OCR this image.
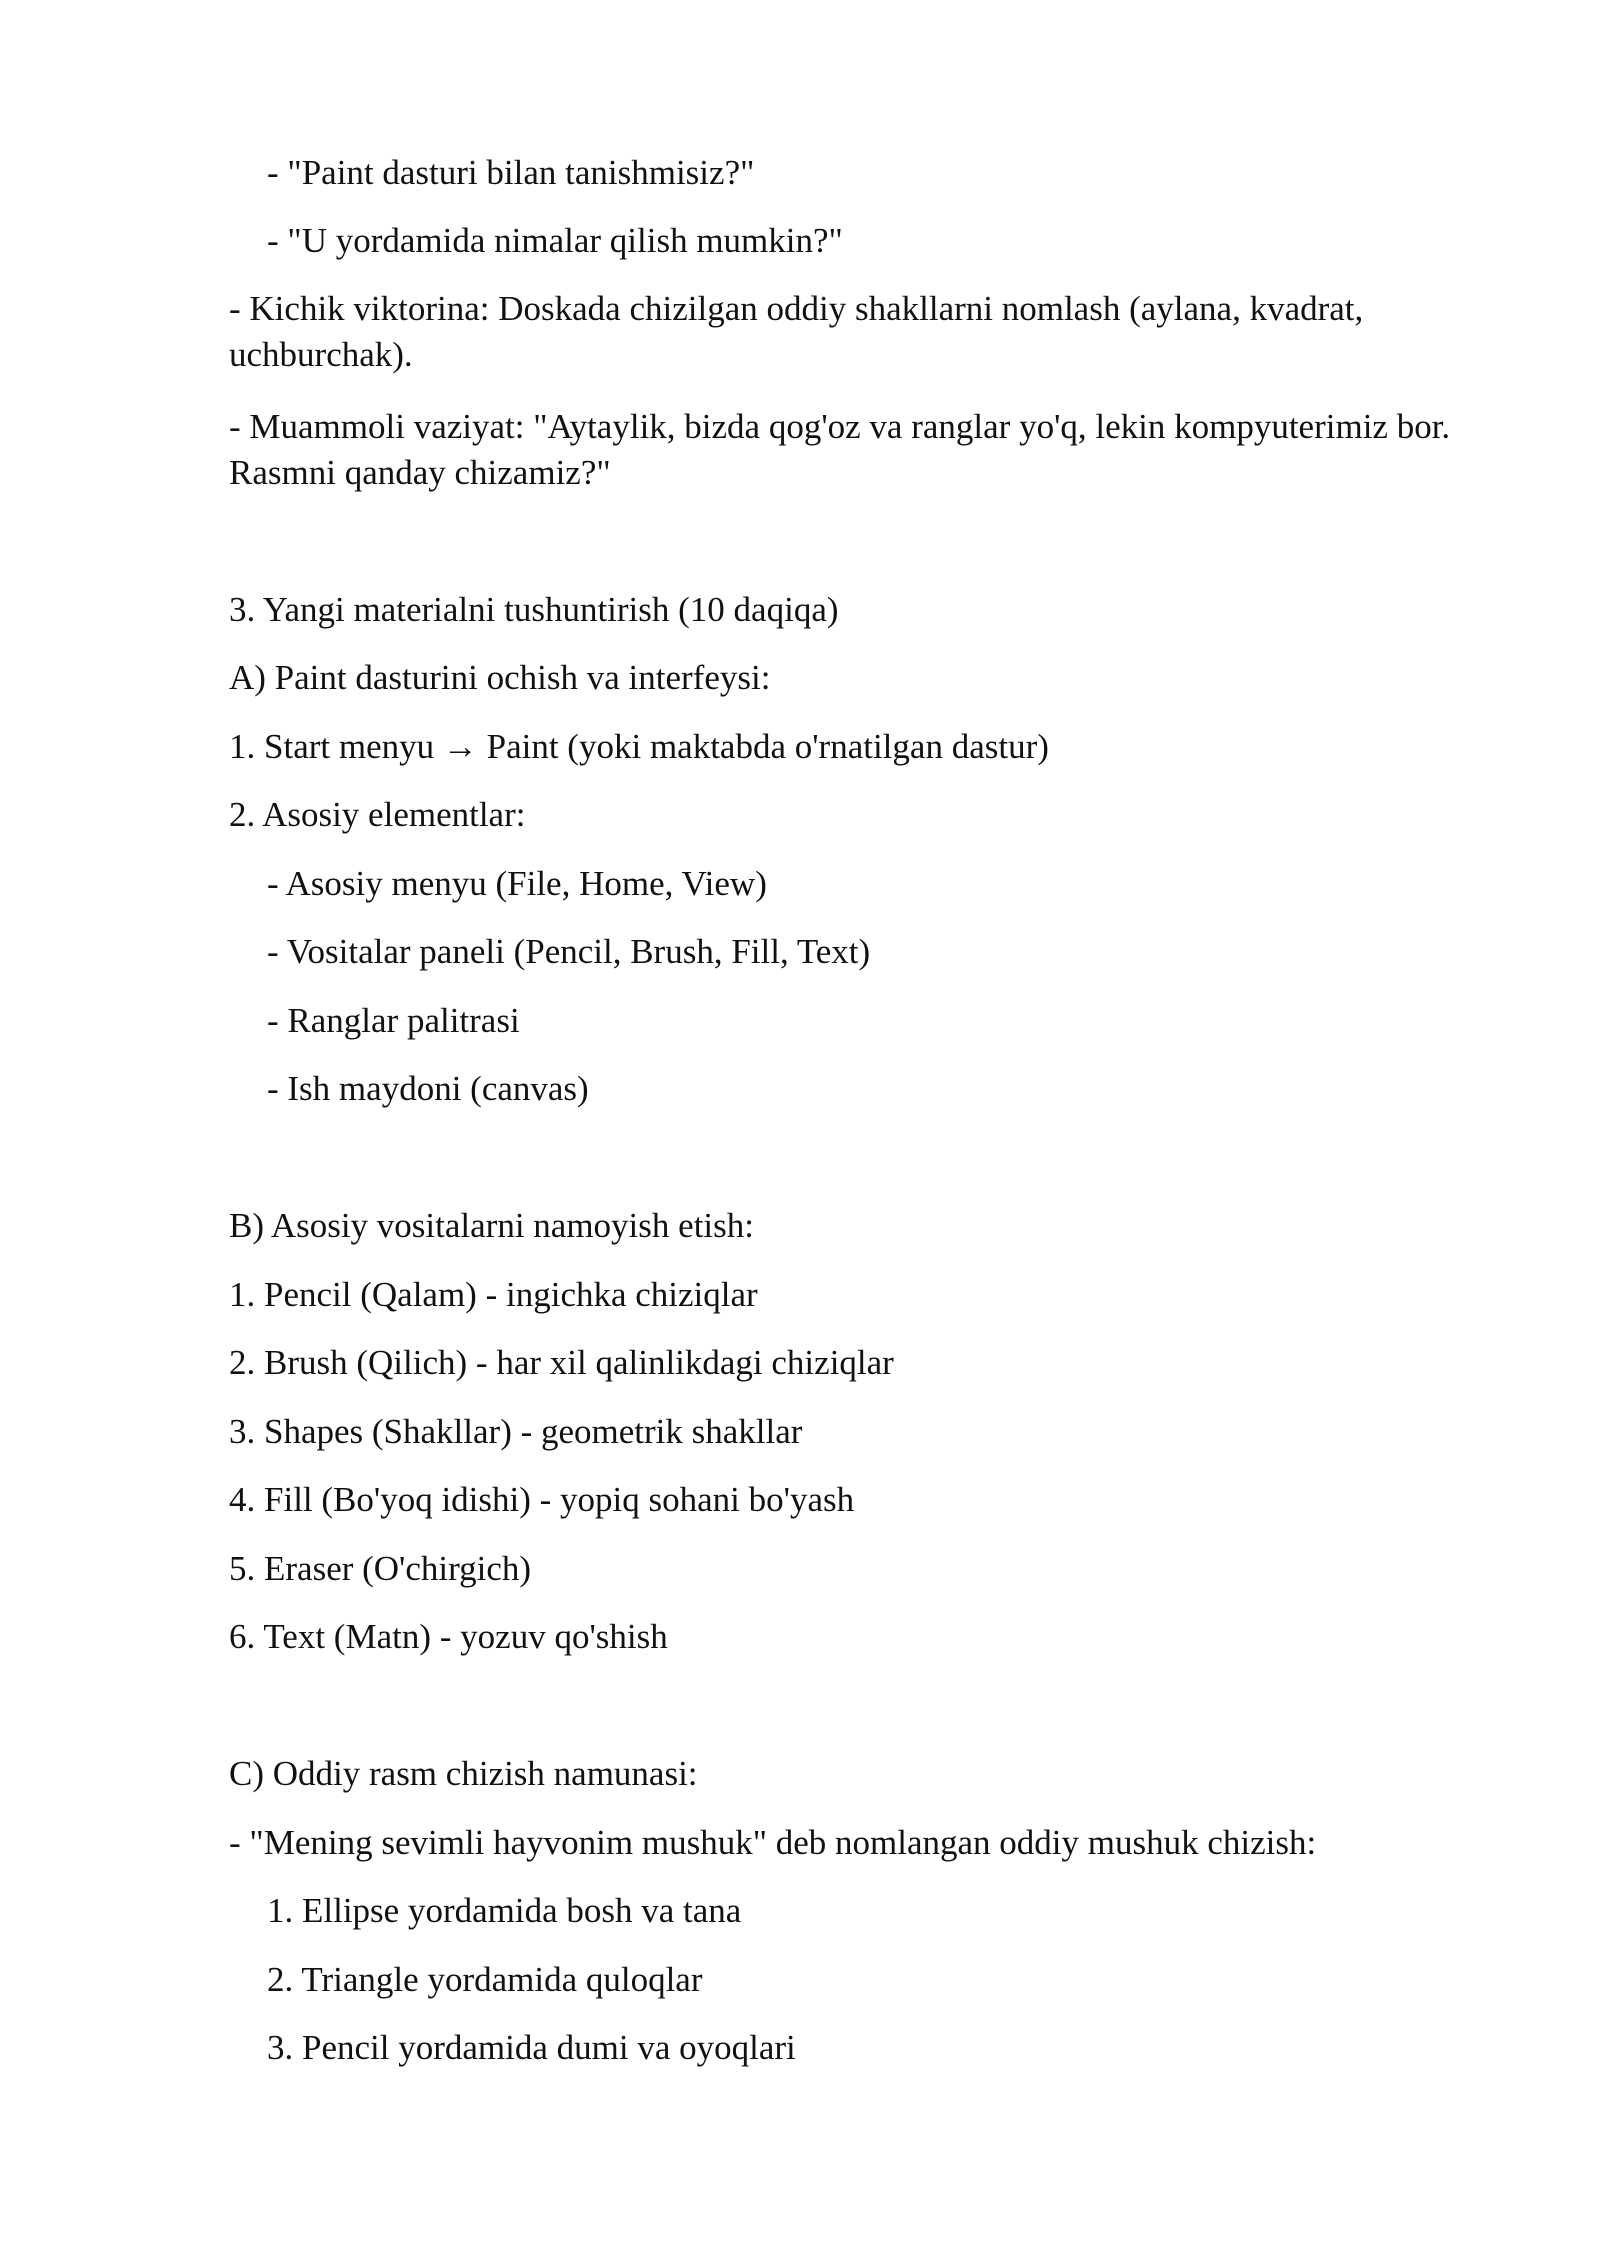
- "Paint dasturi bilan tanishmisiz?"
- "U yordamida nimalar qilish mumkin?"
- Kichik viktorina: Doskada chizilgan oddiy shakllarni nomlash (aylana, kvadrat, uchburchak).
- Muammoli vaziyat: "Aytaylik, bizda qog'oz va ranglar yo'q, lekin kompyuterimiz bor. Rasmni qanday chizamiz?"
3. Yangi materialni tushuntirish (10 daqiqa)
A) Paint dasturini ochish va interfeysi:
1. Start menyu → Paint (yoki maktabda o'rnatilgan dastur)
2. Asosiy elementlar:
- Asosiy menyu (File, Home, View)
- Vositalar paneli (Pencil, Brush, Fill, Text)
- Ranglar palitrasi
- Ish maydoni (canvas)
B) Asosiy vositalarni namoyish etish:
1. Pencil (Qalam) - ingichka chiziqlar
2. Brush (Qilich) - har xil qalinlikdagi chiziqlar
3. Shapes (Shakllar) - geometrik shakllar
4. Fill (Bo'yoq idishi) - yopiq sohani bo'yash
5. Eraser (O'chirgich)
6. Text (Matn) - yozuv qo'shish
C) Oddiy rasm chizish namunasi:
- "Mening sevimli hayvonim mushuk" deb nomlangan oddiy mushuk chizish:
1. Ellipse yordamida bosh va tana
2. Triangle yordamida quloqlar
3. Pencil yordamida dumi va oyoqlari
